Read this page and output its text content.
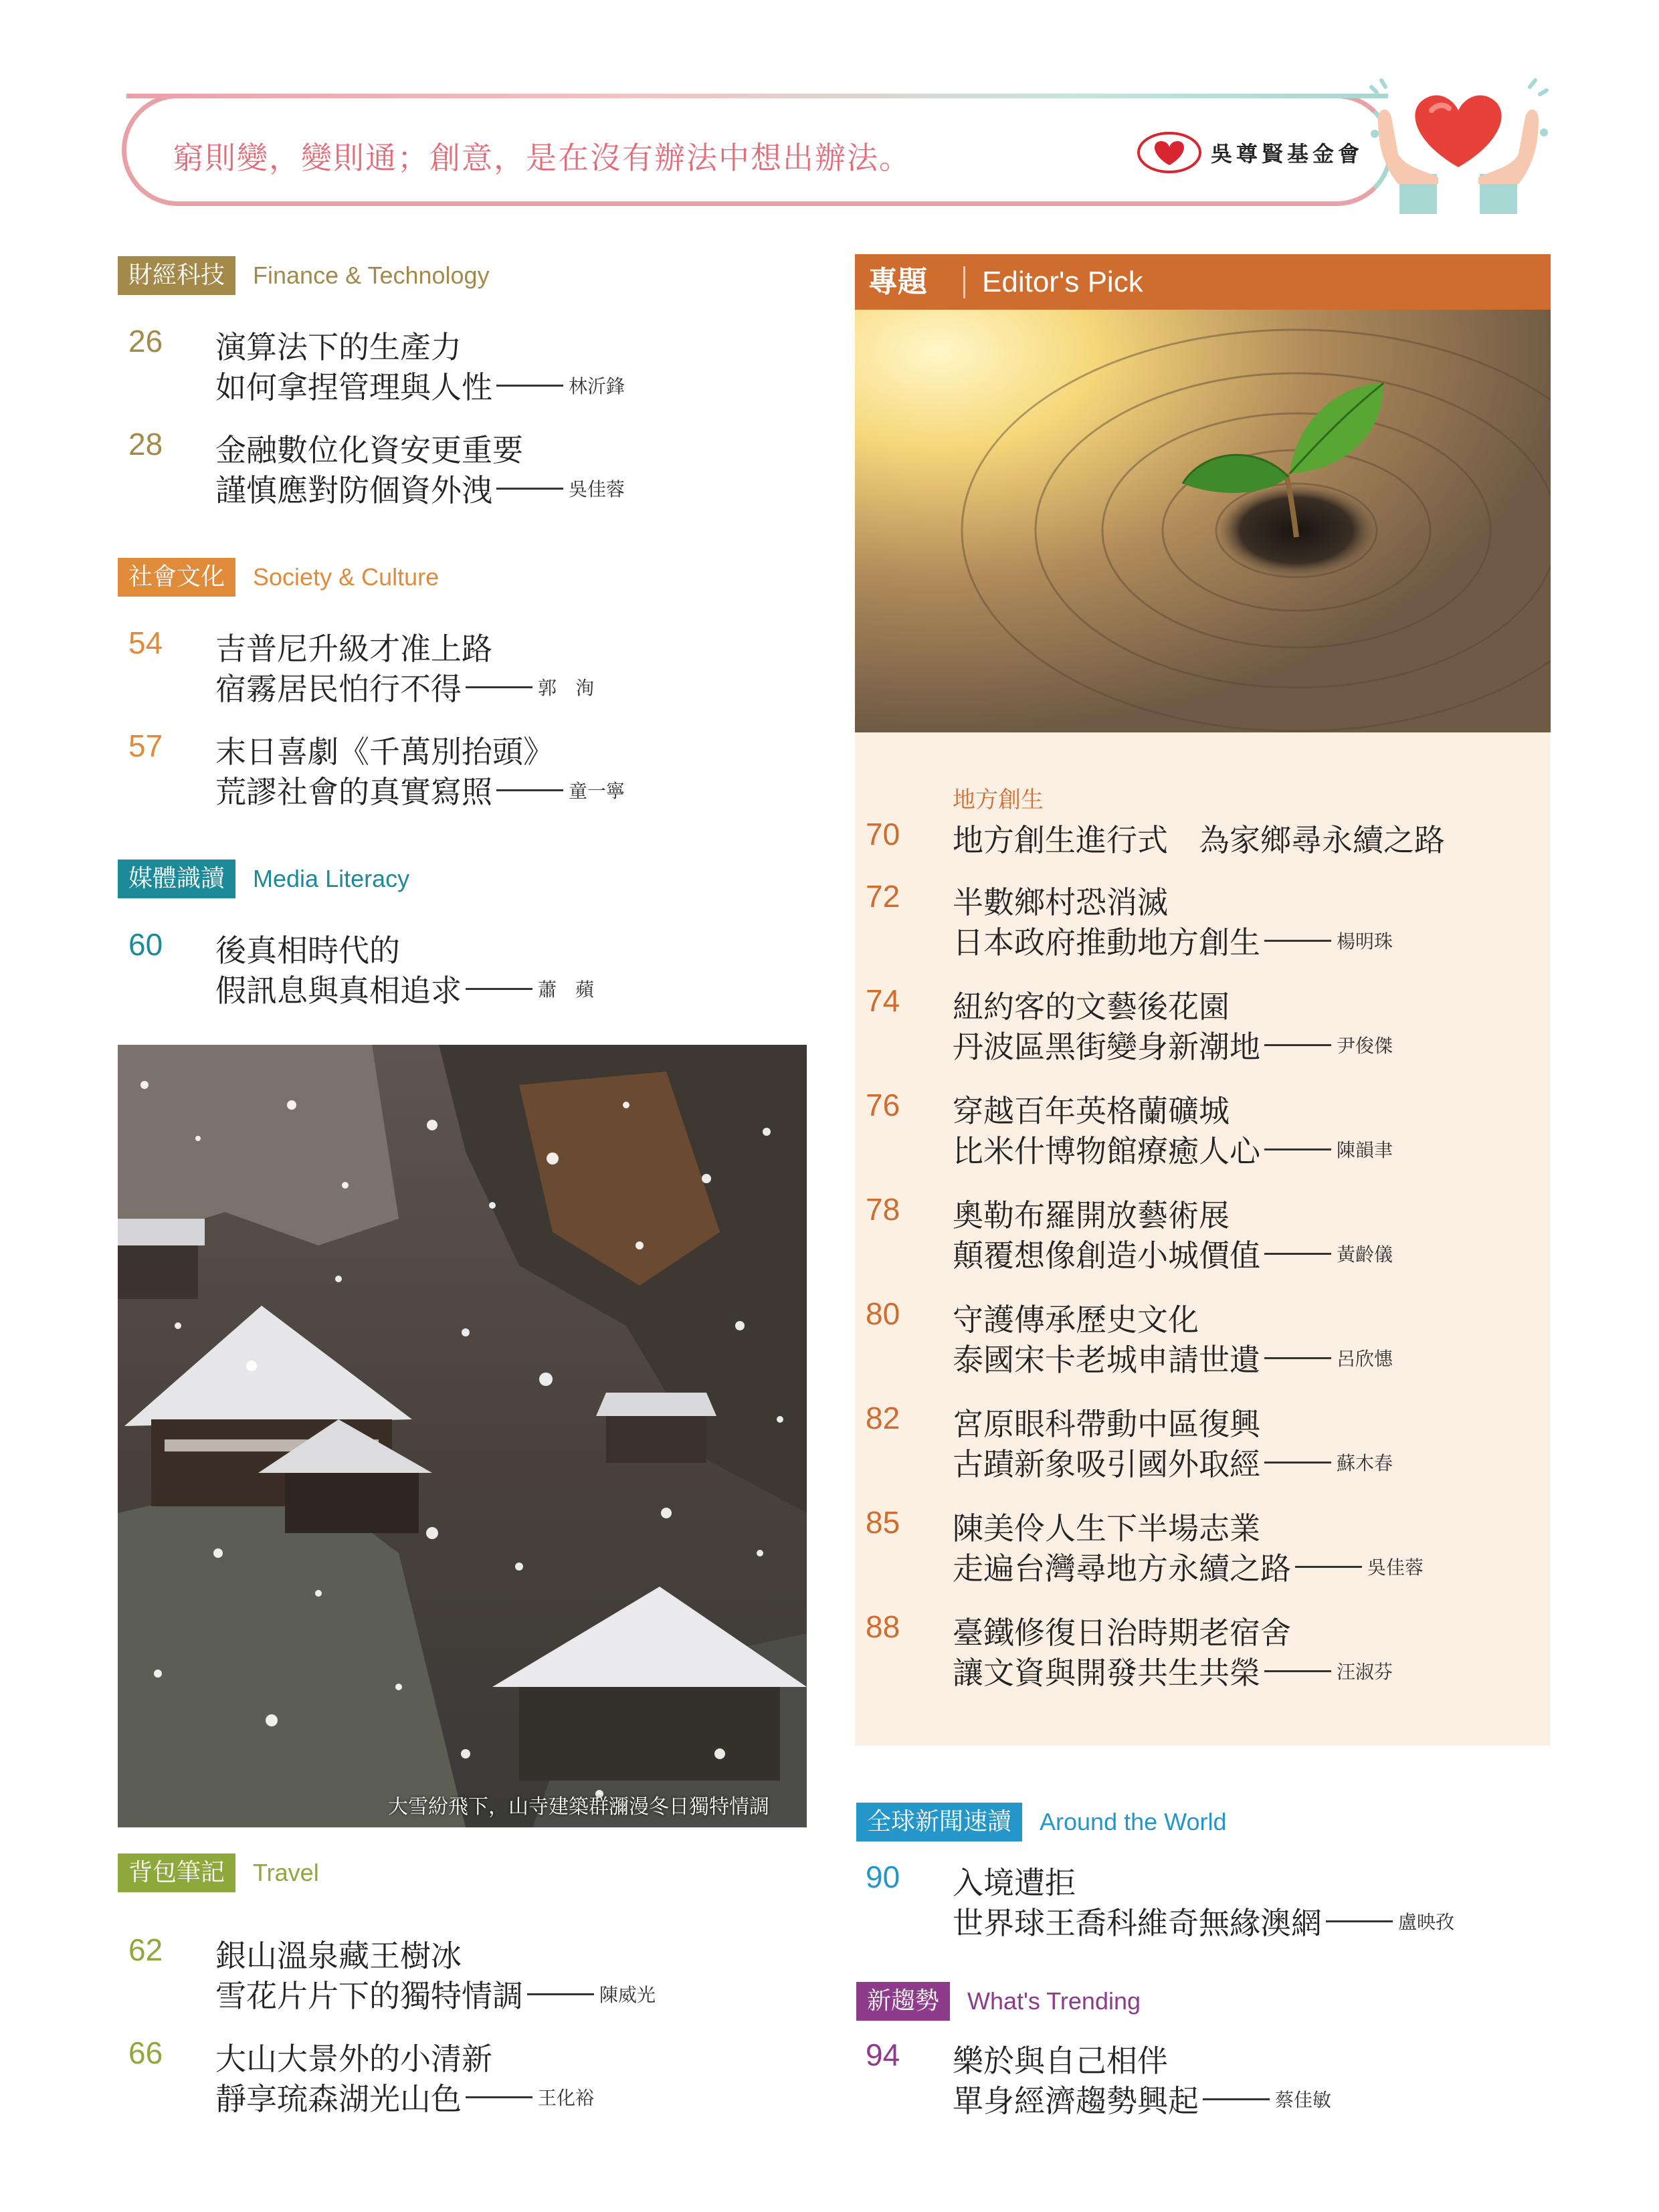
窮則變，變則通；創意，是在沒有辦法中想出辦法。	吳尊賢基金會
財經科技	Finance & Technology
26 演算法下的生產力
如何拿捏管理與人性	林沂鋒
28 金融數位化資安更重要
謹慎應對防個資外洩	吳佳蓉
社會文化	Society & Culture
54 吉普尼升級才准上路
宿霧居民怕行不得	郭　洵
57 末日喜劇《千萬別抬頭》
荒謬社會的真實寫照	童一寧
媒體識讀	Media Literacy
60 後真相時代的
假訊息與真相追求	蕭　蘋
大雪紛飛下，山寺建築群瀰漫冬日獨特情調
背包筆記	Travel
62 銀山溫泉藏王樹冰
雪花片片下的獨特情調	陳威光
66 大山大景外的小清新
靜享琉森湖光山色	王化裕
專題 Editor's Pick
地方創生
70 地方創生進行式　為家鄉尋永續之路
72 半數鄉村恐消滅
日本政府推動地方創生	楊明珠
74 紐約客的文藝後花園
丹波區黑街變身新潮地	尹俊傑
76 穿越百年英格蘭礦城
比米什博物館療癒人心	陳韻聿
78 奧勒布羅開放藝術展
顛覆想像創造小城價值	黃齡儀
80 守護傳承歷史文化
泰國宋卡老城申請世遺	呂欣憓
82 宮原眼科帶動中區復興
古蹟新象吸引國外取經	蘇木春
85 陳美伶人生下半場志業
走遍台灣尋地方永續之路	吳佳蓉
88 臺鐵修復日治時期老宿舍
讓文資與開發共生共榮	汪淑芬
全球新聞速讀	Around the World
90 入境遭拒
世界球王喬科維奇無緣澳網	盧映孜
新趨勢	What's Trending
94 樂於與自己相伴
單身經濟趨勢興起	蔡佳敏
